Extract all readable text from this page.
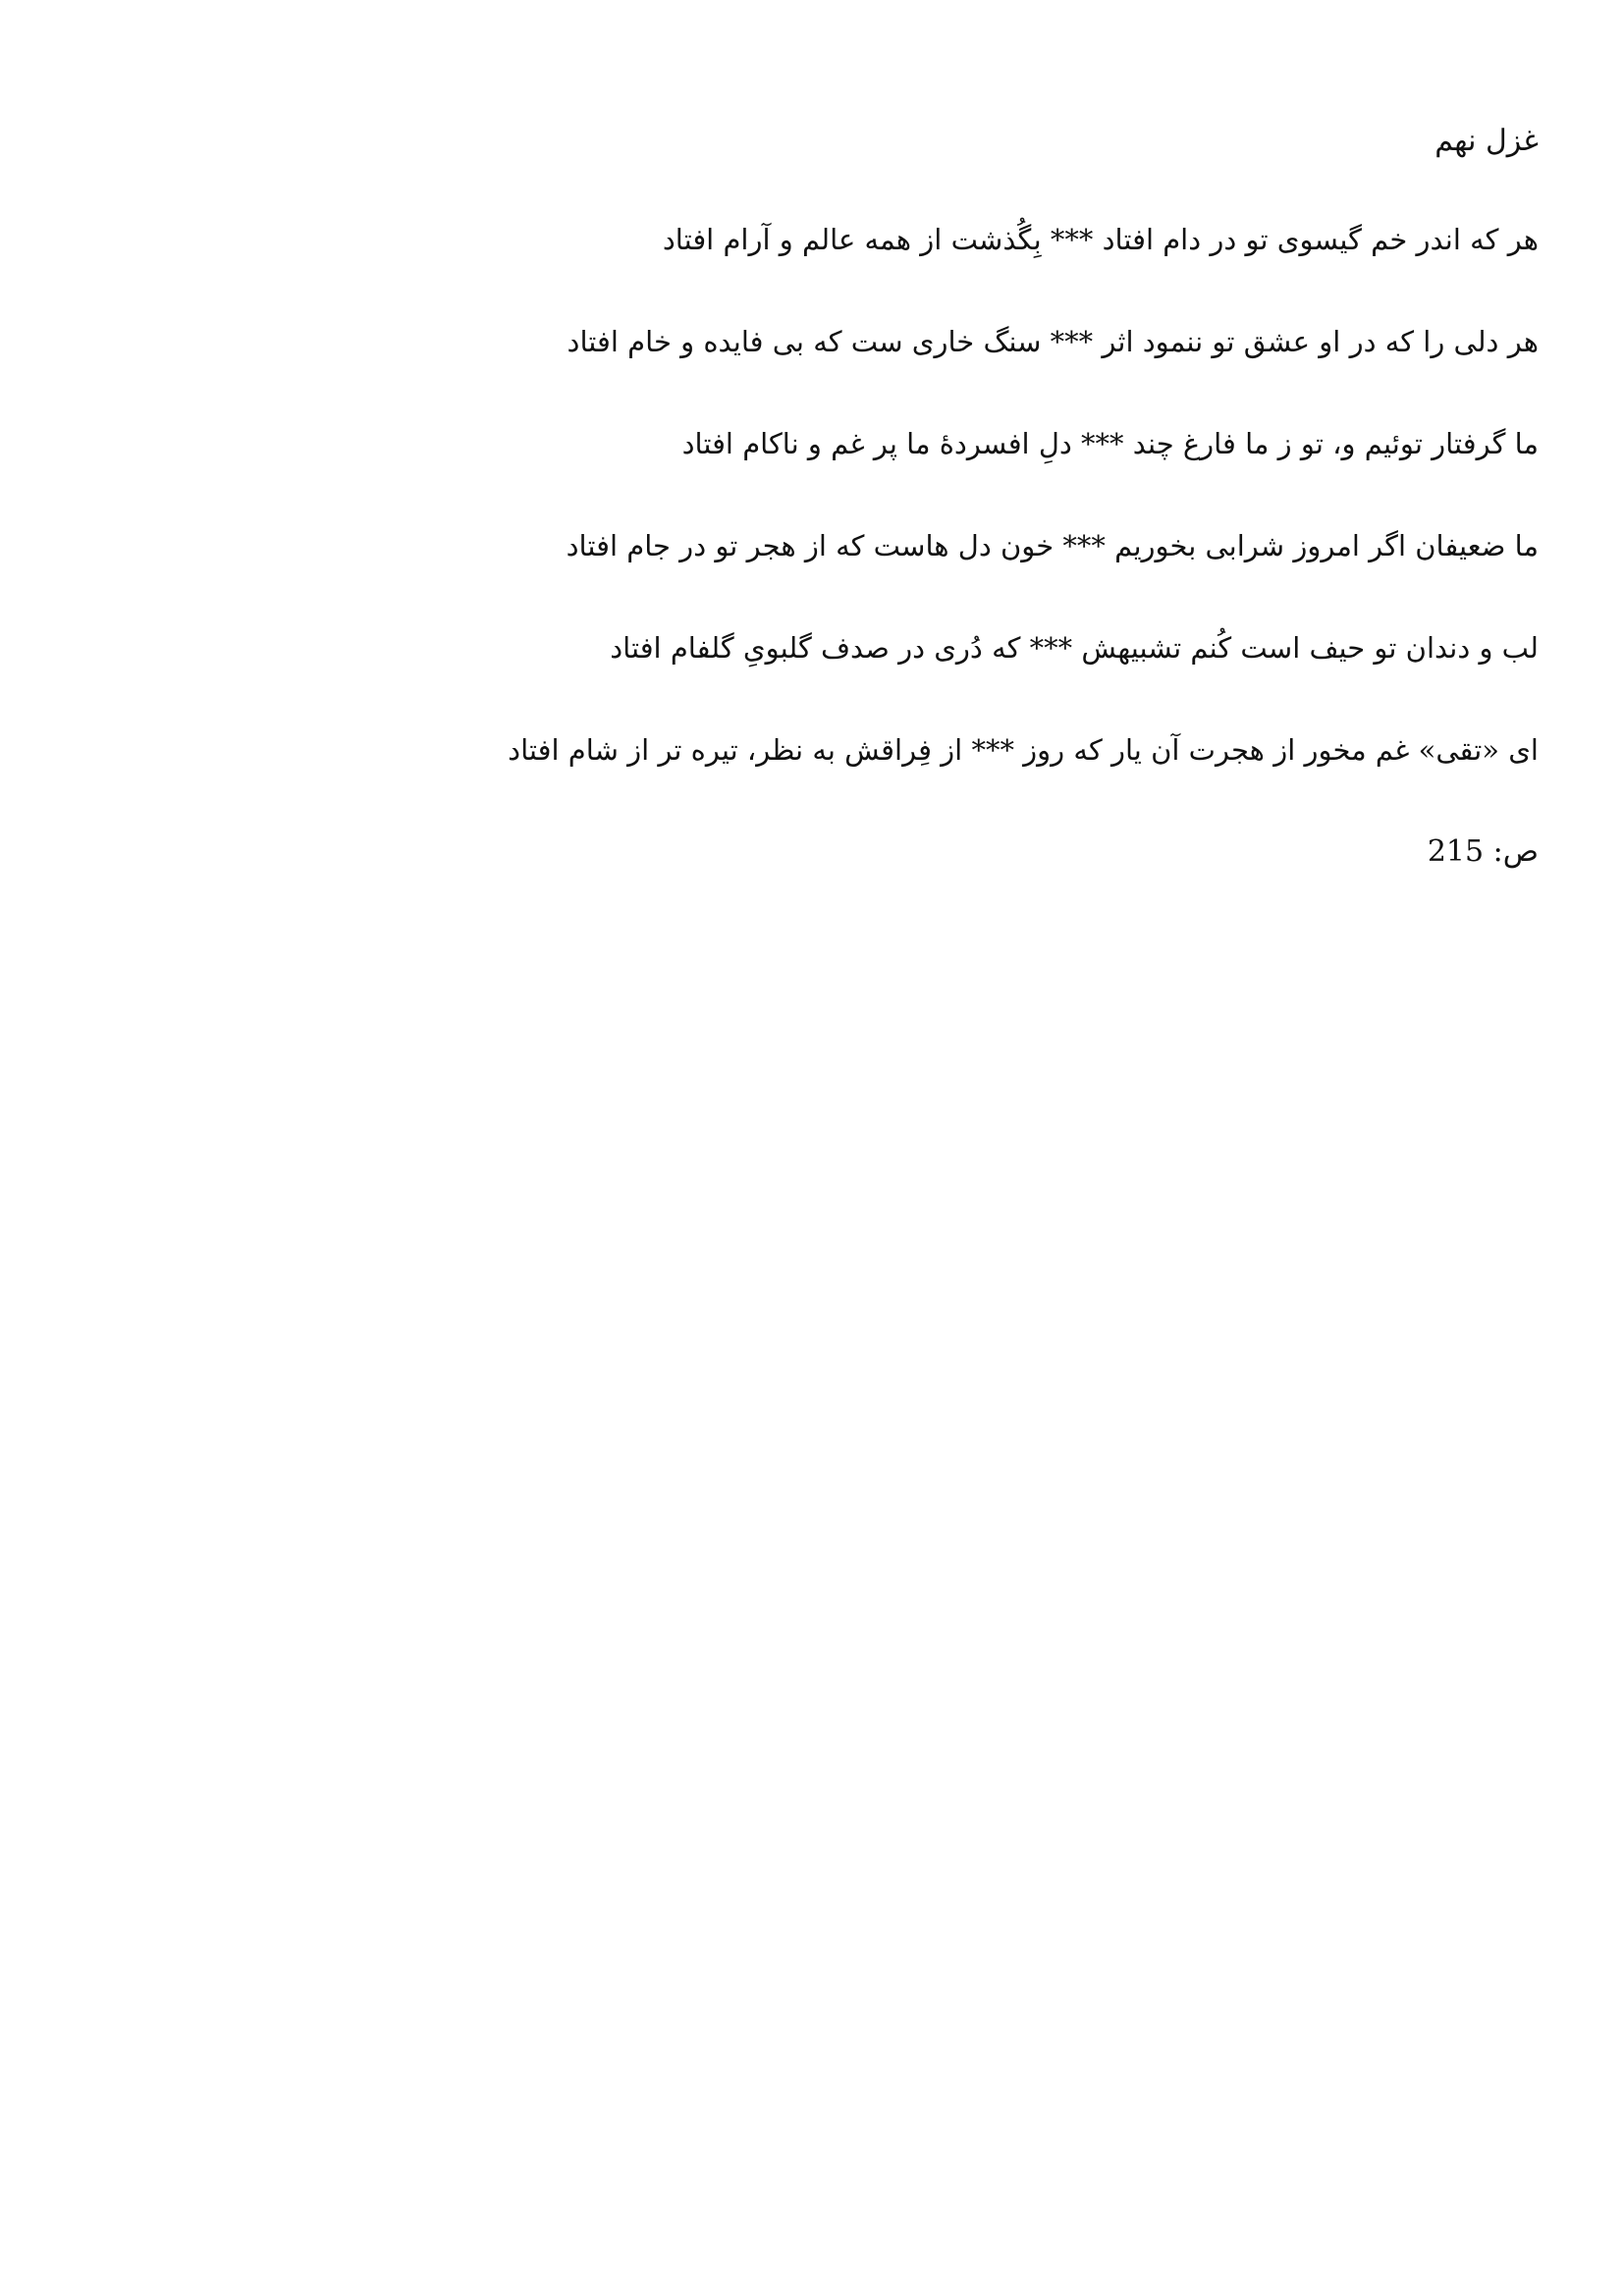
غزل نهم

هر که اندر خم گیسوی تو در دام افتاد *** بِگُذشت از همه عالم و آرام افتاد

هر دلی را که در او عشق تو ننمود اثر *** سنگ خاری ست که بی فایده و خام افتاد

ما گرفتار توئیم و، تو ز ما فارغ چند *** دلِ افسردهٔ ما پر غم و ناکام افتاد

ما ضعیفان اگر امروز شرابی بخوریم *** خون دل هاست که از هجر تو در جام افتاد

لب و دندان تو حیف است کُنم تشبیهش *** که دُری در صدف گلبویِ گلفام افتاد

ای «تقی» غم مخور از هجرت آن یار که روز *** از فِراقش به نظر، تیره تر از شام افتاد

ص: 215
